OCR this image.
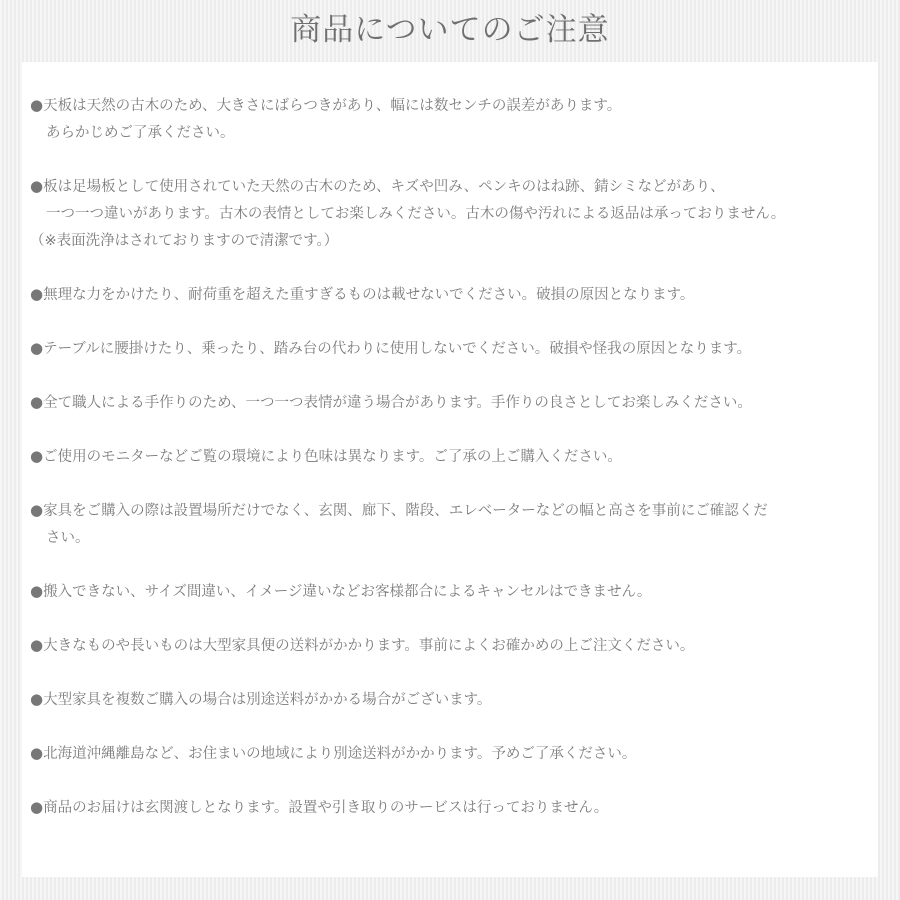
商品についてのご注意
●天板は天然の古木のため、大きさにばらつきがあり、幅には数センチの誤差があります。
あらかじめご了承ください。
●板は足場板として使用されていた天然の古木のため、キズや凹み、ペンキのはね跡、錆シミなどがあり、
一つ一つ違いがあります。古木の表情としてお楽しみください。古木の傷や汚れによる返品は承っておりません。
（※表面洗浄はされておりますので清潔です。）
●無理な力をかけたり、耐荷重を超えた重すぎるものは載せないでください。破損の原因となります。
●テーブルに腰掛けたり、乗ったり、踏み台の代わりに使用しないでください。破損や怪我の原因となります。
●全て職人による手作りのため、一つ一つ表情が違う場合があります。手作りの良さとしてお楽しみください。
●ご使用のモニターなどご覧の環境により色味は異なります。ご了承の上ご購入ください。
●家具をご購入の際は設置場所だけでなく、玄関、廊下、階段、エレベーターなどの幅と高さを事前にご確認くだ
さい。
●搬入できない、サイズ間違い、イメージ違いなどお客様都合によるキャンセルはできません。
●大きなものや長いものは大型家具便の送料がかかります。事前によくお確かめの上ご注文ください。
●大型家具を複数ご購入の場合は別途送料がかかる場合がございます。
●北海道沖縄離島など、お住まいの地域により別途送料がかかります。予めご了承ください。
●商品のお届けは玄関渡しとなります。設置や引き取りのサービスは行っておりません。
